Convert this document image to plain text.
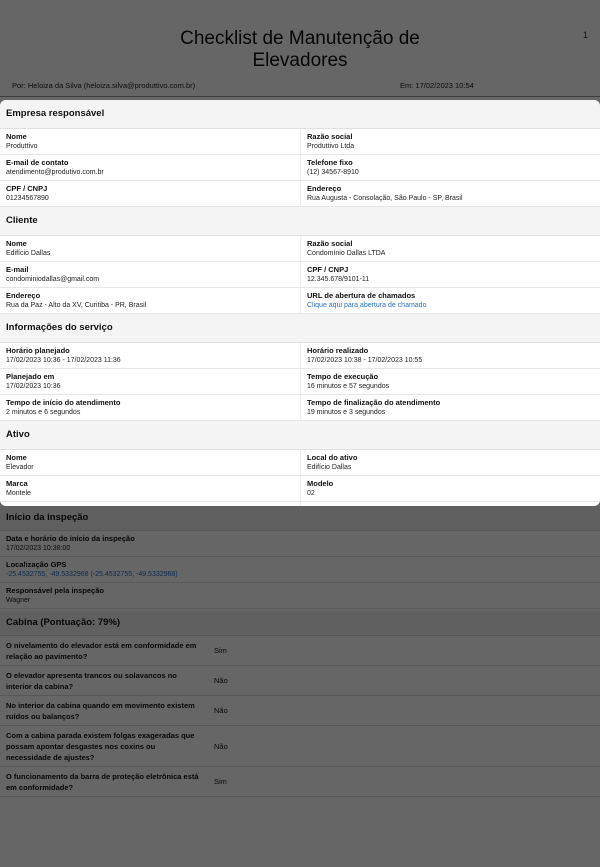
Empresa responsável
Nome
Produttivo
Razão social
Produttivo Ltda
E-mail de contato
atendimento@produtivo.com.br
Telefone fixo
(12) 34567-8910
CPF / CNPJ
01234567890
Endereço
Rua Augusta - Consolação, São Paulo - SP, Brasil
Cliente
Nome
Edifício Dallas
Razão social
Condomínio Dallas LTDA
E-mail
condominiodallas@gmail.com
CPF / CNPJ
12.345.678/9101-11
Endereço
Rua da Paz - Alto da XV, Curitiba - PR, Brasil
URL de abertura de chamados
Clique aqui para abertura de chamado
Informações do serviço
Horário planejado
17/02/2023 10:36 - 17/02/2023 11:36
Horário realizado
17/02/2023 10:38 - 17/02/2023 10:55
Planejado em
17/02/2023 10:36
Tempo de execução
16 minutos e 57 segundos
Tempo de início do atendimento
2 minutos e 6 segundos
Tempo de finalização do atendimento
19 minutos e 3 segundos
Ativo
Nome
Elevador
Local do ativo
Edifício Dallas
Marca
Montele
Modelo
02
